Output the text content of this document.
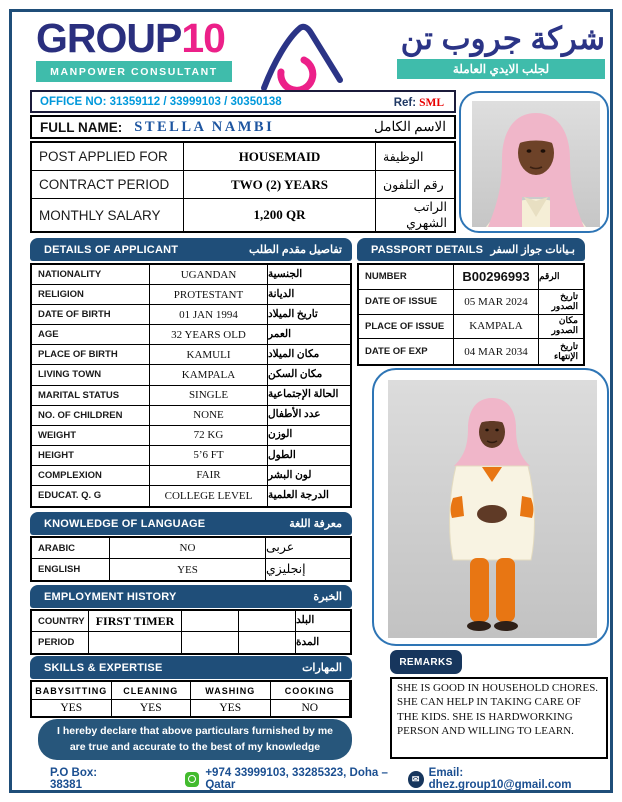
GROUP10
MANPOWER CONSULTANT
شركة جروب تن
لجلب الايدي العاملة
OFFICE NO: 31359112 / 33999103 / 30350138	Ref: SML
FULL NAME: STELLA NAMBI	الاسم الكامل
POST APPLIED FOR	HOUSEMAID	الوظيفة
CONTRACT PERIOD	TWO (2) YEARS	رقم التلفون
MONTHLY SALARY	1,200 QR	الراتب الشهري
DETAILS OF APPLICANT	تفاصيل مقدم الطلب
NATIONALITY	UGANDAN	الجنسية
RELIGION	PROTESTANT	الديانة
DATE OF BIRTH	01 JAN 1994	تاريخ الميلاد
AGE	32 YEARS OLD	العمر
PLACE OF BIRTH	KAMULI	مكان الميلاد
LIVING TOWN	KAMPALA	مكان السكن
MARITAL STATUS	SINGLE	الحالة الإجتماعية
NO. OF CHILDREN	NONE	عدد الأطفال
WEIGHT	72 KG	الوزن
HEIGHT	5’6 FT	الطول
COMPLEXION	FAIR	لون البشر
EDUCAT. Q. G	COLLEGE LEVEL	الدرجة العلمية
PASSPORT DETAILS بـيانات جواز السفر
NUMBER	B00296993	الرقم
DATE OF ISSUE	05 MAR 2024	تاريخ الصدور
PLACE OF ISSUE	KAMPALA	مكان الصدور
DATE OF EXP	04 MAR 2034	تاريخ الإنتهاء
KNOWLEDGE OF LANGUAGE	معرفة اللغة
ARABIC	NO	عربى
ENGLISH	YES	إنجليزي
EMPLOYMENT HISTORY	الخبرة
COUNTRY FIRST TIMER	البلد
PERIOD	المدة
SKILLS & EXPERTISE	المهارات
BABYSITTING	CLEANING	WASHING	COOKING
YES	YES	YES	NO
I hereby declare that above particulars furnished by me are true and accurate to the best of my knowledge
REMARKS
SHE IS GOOD IN HOUSEHOLD CHORES. SHE CAN HELP IN TAKING CARE OF THE KIDS. SHE IS HARDWORKING PERSON AND WILLING TO LEARN.
P.O Box: 38381
+974 33999103, 33285323, Doha – Qatar
✉ Email: dhez.group10@gmail.com
